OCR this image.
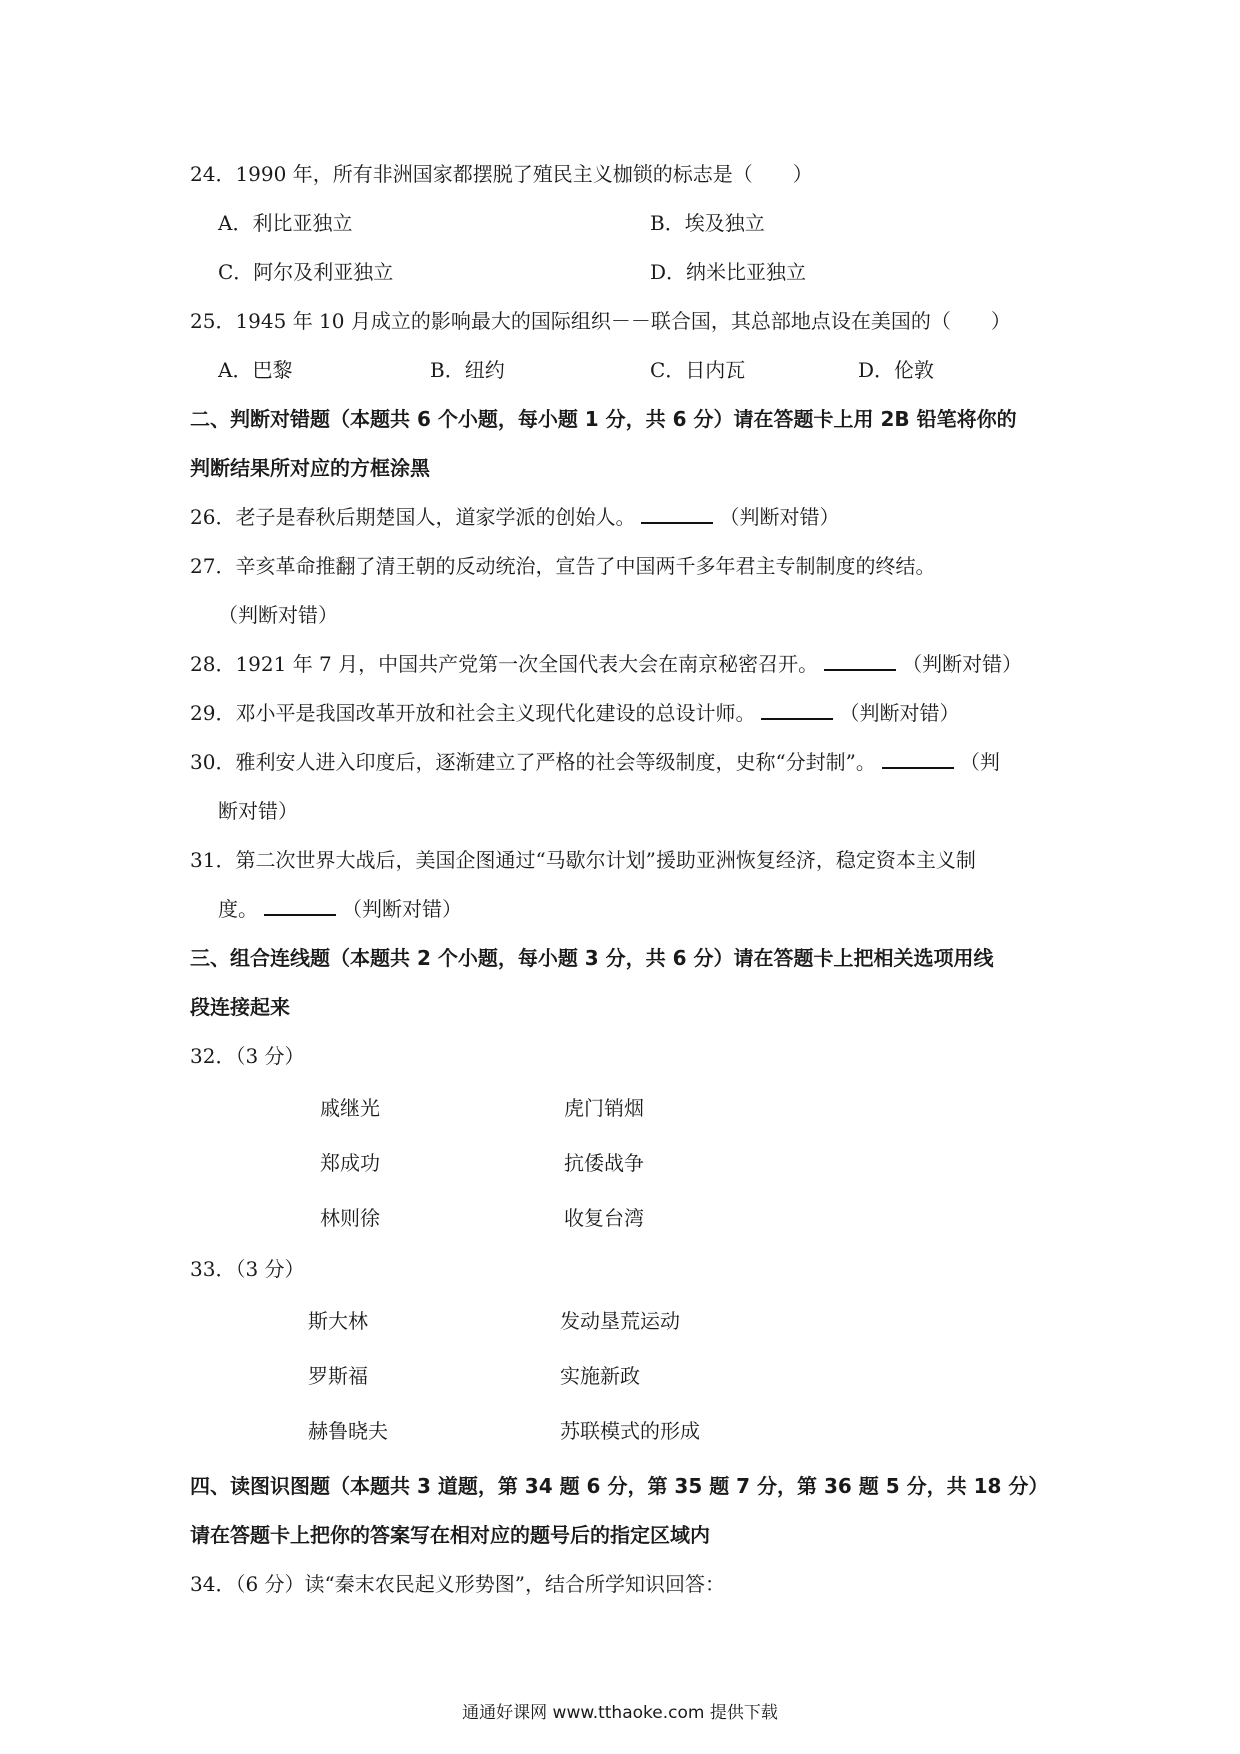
24．1990 年，所有非洲国家都摆脱了殖民主义枷锁的标志是（　　）
A．利比亚独立	B．埃及独立
C．阿尔及利亚独立	D．纳米比亚独立
25．1945 年 10 月成立的影响最大的国际组织－－联合国，其总部地点设在美国的（　　）
A．巴黎	B．纽约	C．日内瓦	D．伦敦
二、判断对错题（本题共 6 个小题，每小题 1 分，共 6 分）请在答题卡上用 2B 铅笔将你的
判断结果所对应的方框涂黑
26．老子是春秋后期楚国人，道家学派的创始人。	（判断对错）
27．辛亥革命推翻了清王朝的反动统治，宣告了中国两千多年君主专制制度的终结。
（判断对错）
28．1921 年 7 月，中国共产党第一次全国代表大会在南京秘密召开。	（判断对错）
29．邓小平是我国改革开放和社会主义现代化建设的总设计师。	（判断对错）
30．雅利安人进入印度后，逐渐建立了严格的社会等级制度，史称“分封制”。	（判
断对错）
31．第二次世界大战后，美国企图通过“马歇尔计划”援助亚洲恢复经济，稳定资本主义制
度。	（判断对错）
三、组合连线题（本题共 2 个小题，每小题 3 分，共 6 分）请在答题卡上把相关选项用线
段连接起来
32．（3 分）
戚继光	虎门销烟
郑成功	抗倭战争
林则徐	收复台湾
33．（3 分）
斯大林	发动垦荒运动
罗斯福	实施新政
赫鲁晓夫	苏联模式的形成
四、读图识图题（本题共 3 道题，第 34 题 6 分，第 35 题 7 分，第 36 题 5 分，共 18 分）
请在答题卡上把你的答案写在相对应的题号后的指定区域内
34．（6 分）读“秦末农民起义形势图”，结合所学知识回答：
通通好课网 www.tthaoke.com 提供下载
